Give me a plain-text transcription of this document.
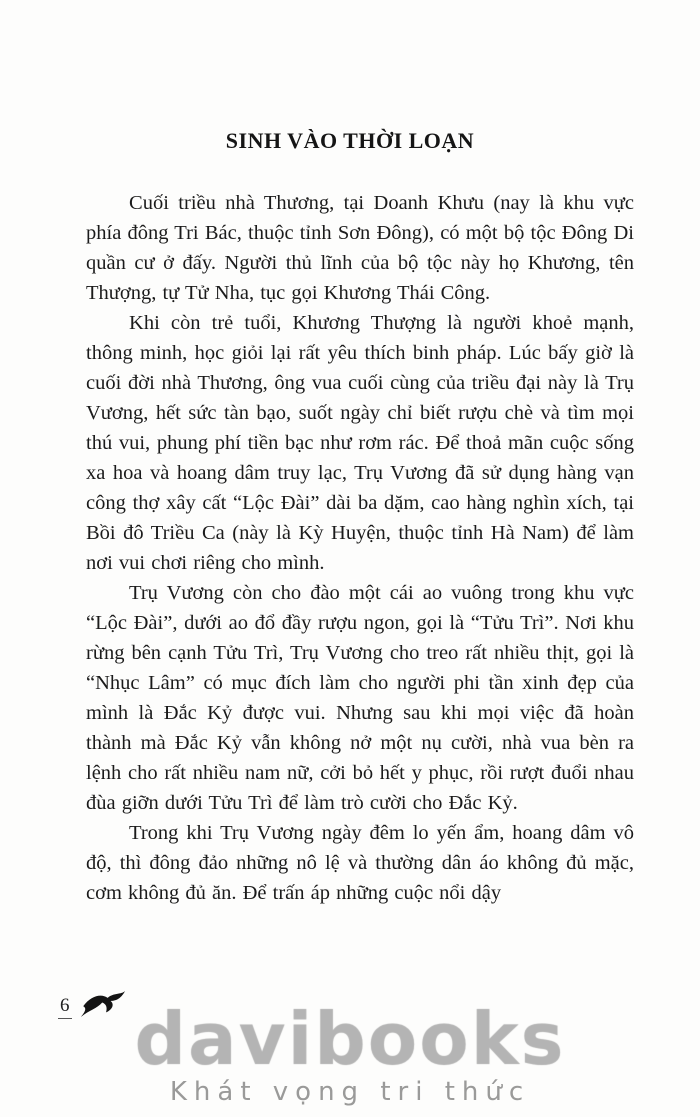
SINH VÀO THỜI LOẠN

Cuối triều nhà Thương, tại Doanh Khưu (nay là khu vực phía đông Tri Bác, thuộc tỉnh Sơn Đông), có một bộ tộc Đông Di quần cư ở đấy. Người thủ lĩnh của bộ tộc này họ Khương, tên Thượng, tự Tử Nha, tục gọi Khương Thái Công.

Khi còn trẻ tuổi, Khương Thượng là người khoẻ mạnh, thông minh, học giỏi lại rất yêu thích binh pháp. Lúc bấy giờ là cuối đời nhà Thương, ông vua cuối cùng của triều đại này là Trụ Vương, hết sức tàn bạo, suốt ngày chỉ biết rượu chè và tìm mọi thú vui, phung phí tiền bạc như rơm rác. Để thoả mãn cuộc sống xa hoa và hoang dâm truy lạc, Trụ Vương đã sử dụng hàng vạn công thợ xây cất “Lộc Đài” dài ba dặm, cao hàng nghìn xích, tại Bồi đô Triều Ca (này là Kỳ Huyện, thuộc tỉnh Hà Nam) để làm nơi vui chơi riêng cho mình.

Trụ Vương còn cho đào một cái ao vuông trong khu vực “Lộc Đài”, dưới ao đổ đầy rượu ngon, gọi là “Tửu Trì”. Nơi khu rừng bên cạnh Tửu Trì, Trụ Vương cho treo rất nhiều thịt, gọi là “Nhục Lâm” có mục đích làm cho người phi tần xinh đẹp của mình là Đắc Kỷ được vui. Nhưng sau khi mọi việc đã hoàn thành mà Đắc Kỷ vẫn không nở một nụ cười, nhà vua bèn ra lệnh cho rất nhiều nam nữ, cởi bỏ hết y phục, rồi rượt đuổi nhau đùa giỡn dưới Tửu Trì để làm trò cười cho Đắc Kỷ.

Trong khi Trụ Vương ngày đêm lo yến ẩm, hoang dâm vô độ, thì đông đảo những nô lệ và thường dân áo không đủ mặc, cơm không đủ ăn. Để trấn áp những cuộc nổi dậy

6 davibooks
Khát vọng tri thức
